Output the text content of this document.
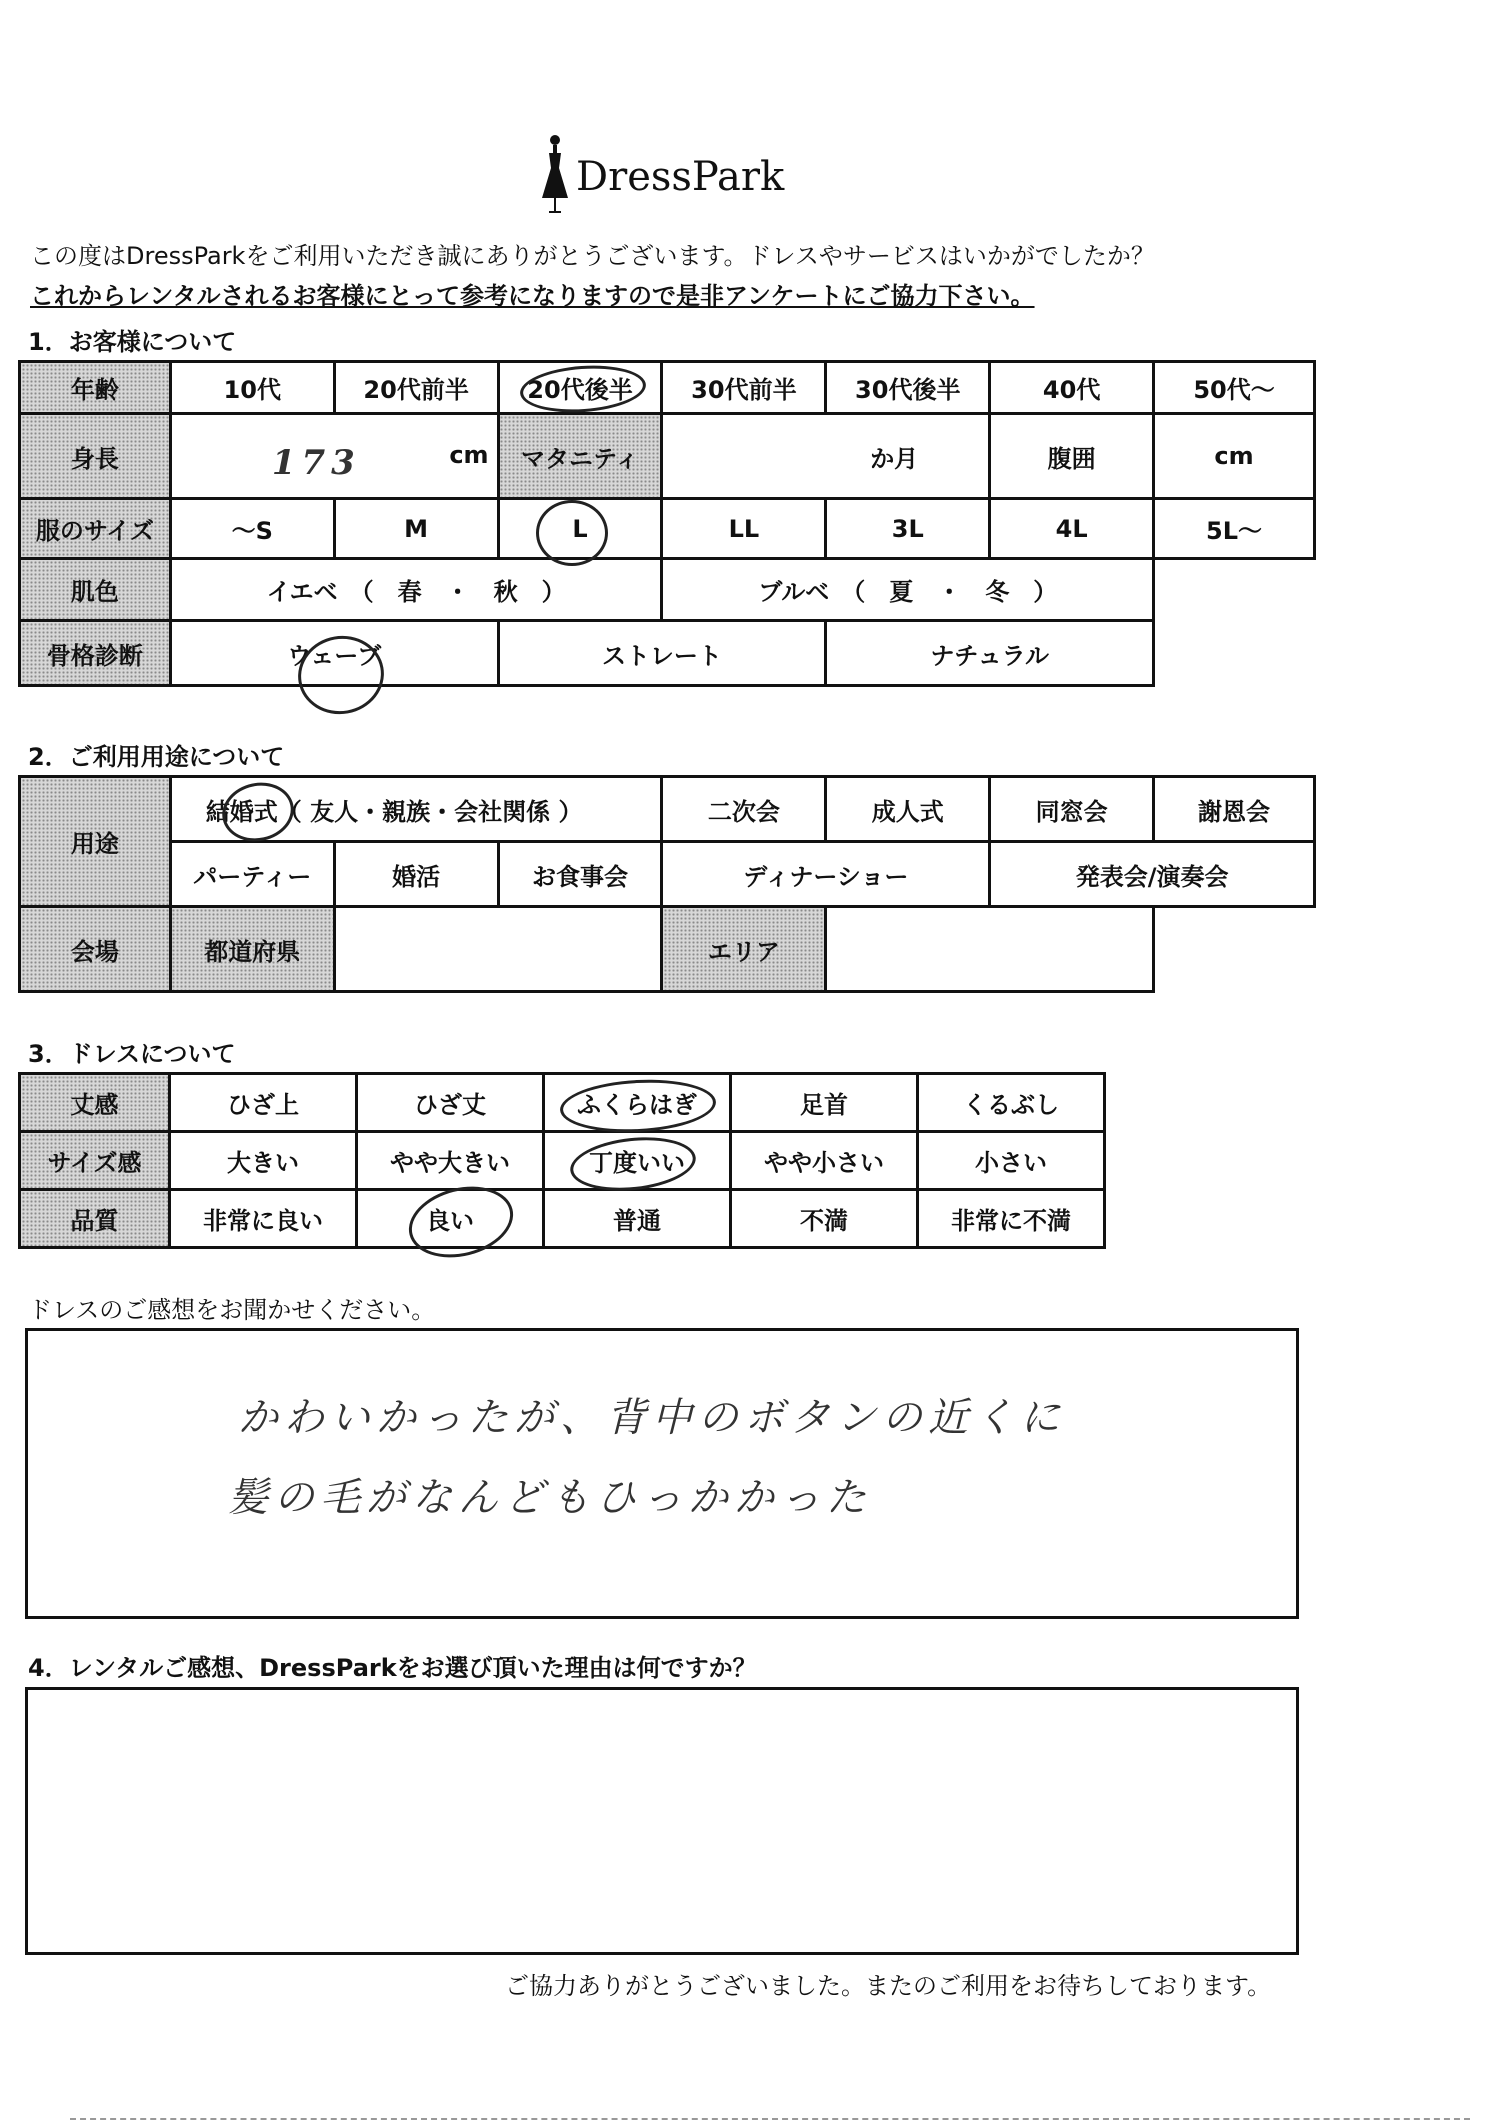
DressPark
この度はDressParkをご利用いただき誠にありがとうございます。ドレスやサービスはいかがでしたか？
これからレンタルされるお客様にとって参考になりますので是非アンケートにご協力下さい。
1．お客様について
年齢	10代	20代前半	20代後半	30代前半	30代後半	40代	50代～
身長	173 cm		マタニティ	か月		腹囲	cm
服のサイズ	～S	M	L	LL	3L	4L	5L～
肌色	イエベ　（　春　・　秋　）			ブルベ　（　夏　・　冬　）			
骨格診断	ウェーブ		ストレート		ナチュラル		
2．ご利用用途について
用途	結婚式（ 友人・親族・会社関係 ）			二次会	成人式	同窓会	謝恩会
	パーティー	婚活	お食事会	ディナーショー		発表会/演奏会	
会場	都道府県			エリア			
3．ドレスについて
丈感	ひざ上	ひざ丈	ふくらはぎ	足首	くるぶし
サイズ感	大きい	やや大きい	丁度いい	やや小さい	小さい
品質	非常に良い	良い	普通	不満	非常に不満
ドレスのご感想をお聞かせください。
かわいかったが、背中のボタンの近くに
髪の毛がなんどもひっかかった
4．レンタルご感想、DressParkをお選び頂いた理由は何ですか？
ご協力ありがとうございました。またのご利用をお待ちしております。
